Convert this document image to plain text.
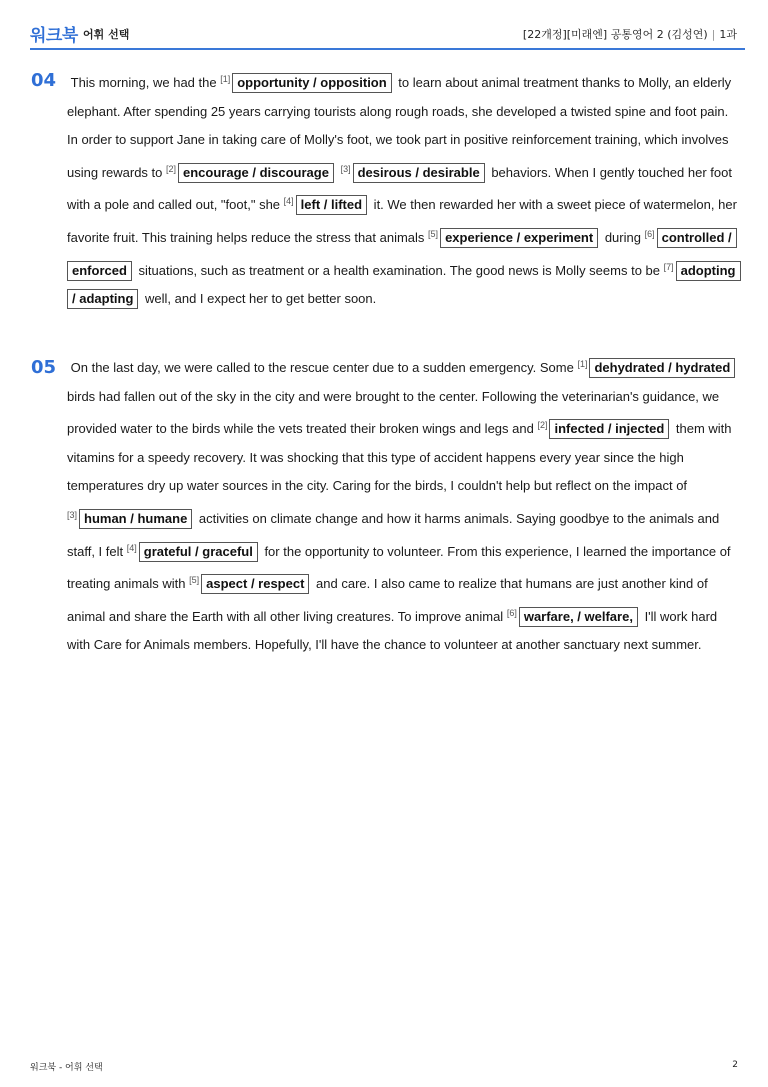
워크북 어휘 선택	[22개정][미래엔] 공통영어 2 (김성연) | 1과
04 This morning, we had the [1] opportunity / opposition to learn about animal treatment thanks to Molly, an elderly elephant. After spending 25 years carrying tourists along rough roads, she developed a twisted spine and foot pain. In order to support Jane in taking care of Molly's foot, we took part in positive reinforcement training, which involves using rewards to [2] encourage / discourage [3] desirous / desirable behaviors. When I gently touched her foot with a pole and called out, "foot," she [4] left / lifted it. We then rewarded her with a sweet piece of watermelon, her favorite fruit. This training helps reduce the stress that animals [5] experience / experiment during [6] controlled / enforced situations, such as treatment or a health examination. The good news is Molly seems to be [7] adopting / adapting well, and I expect her to get better soon.

05 On the last day, we were called to the rescue center due to a sudden emergency. Some [1] dehydrated / hydrated birds had fallen out of the sky in the city and were brought to the center. Following the veterinarian's guidance, we provided water to the birds while the vets treated their broken wings and legs and [2] infected / injected them with vitamins for a speedy recovery. It was shocking that this type of accident happens every year since the high temperatures dry up water sources in the city. Caring for the birds, I couldn't help but reflect on the impact of [3] human / humane activities on climate change and how it harms animals. Saying goodbye to the animals and staff, I felt [4] grateful / graceful for the opportunity to volunteer. From this experience, I learned the importance of treating animals with [5] aspect / respect and care. I also came to realize that humans are just another kind of animal and share the Earth with all other living creatures. To improve animal [6] warfare, / welfare, I'll work hard with Care for Animals members. Hopefully, I'll have the chance to volunteer at another sanctuary next summer.

워크북 - 어휘 선택	2
